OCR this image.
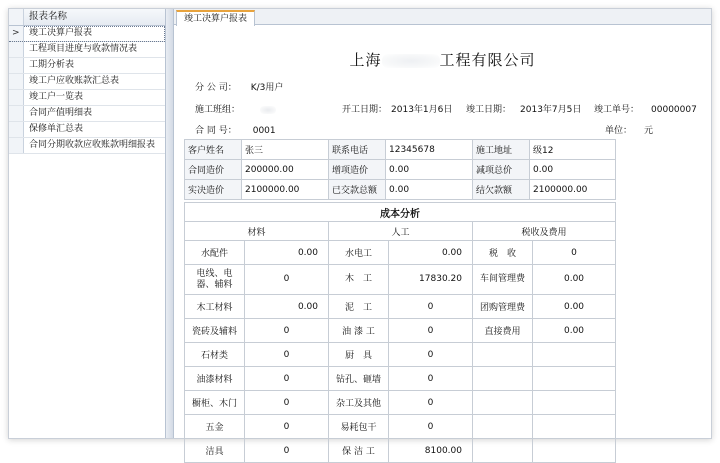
报表名称
> 竣工决算户报表
工程项目进度与收款情况表
工期分析表
竣工户应收账款汇总表
竣工户一览表
合同产值明细表
保修单汇总表
合同分期收款应收账款明细报表
竣工决算户报表
上海	工程有限公司
分 公 司： K/3用户
施工班组：	开工日期： 2013年1月6日 竣工日期： 2013年7月5日 竣工单号： 00000007
合 同 号： 0001	单位： 元
客户姓名	张三	联系电话	12345678	施工地址	级12
合同造价	200000.00	增项造价	0.00	减项总价	0.00
实决造价	2100000.00	已交款总额	0.00	结欠款额	2100000.00
成本分析					
材料		人工		税收及费用	
水配件	0.00	水电工	0.00	税　收	0
电线、电器、辅料	0	木　工	17830.20	车间管理费	0.00
木工材料	0.00	泥　工	0	团购管理费	0.00
瓷砖及辅料	0	油 漆 工	0	直接费用	0.00
石材类	0	厨　具	0		
油漆材料	0	钻孔、砸墙	0		
橱柜、木门	0	杂工及其他	0		
五金	0	易耗包干	0		
洁具	0	保 洁 工	8100.00		
